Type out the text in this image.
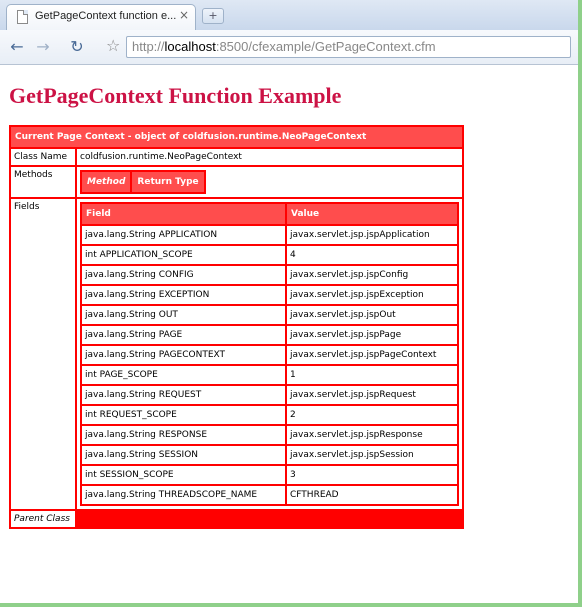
GetPageContext function e... ×	+
← → ↻ ☆ http://localhost:8500/cfexample/GetPageContext.cfm
GetPageContext Function Example
Current Page Context - object of coldfusion.runtime.NeoPageContext
Class Name	coldfusion.runtime.NeoPageContext
Methods	
Method	Return Type

Fields	
Field	Value
java.lang.String APPLICATION	javax.servlet.jsp.jspApplication
int APPLICATION_SCOPE	4
java.lang.String CONFIG	javax.servlet.jsp.jspConfig
java.lang.String EXCEPTION	javax.servlet.jsp.jspException
java.lang.String OUT	javax.servlet.jsp.jspOut
java.lang.String PAGE	javax.servlet.jsp.jspPage
java.lang.String PAGECONTEXT	javax.servlet.jsp.jspPageContext
int PAGE_SCOPE	1
java.lang.String REQUEST	javax.servlet.jsp.jspRequest
int REQUEST_SCOPE	2
java.lang.String RESPONSE	javax.servlet.jsp.jspResponse
java.lang.String SESSION	javax.servlet.jsp.jspSession
int SESSION_SCOPE	3
java.lang.String THREADSCOPE_NAME	CFTHREAD

Parent Class	
